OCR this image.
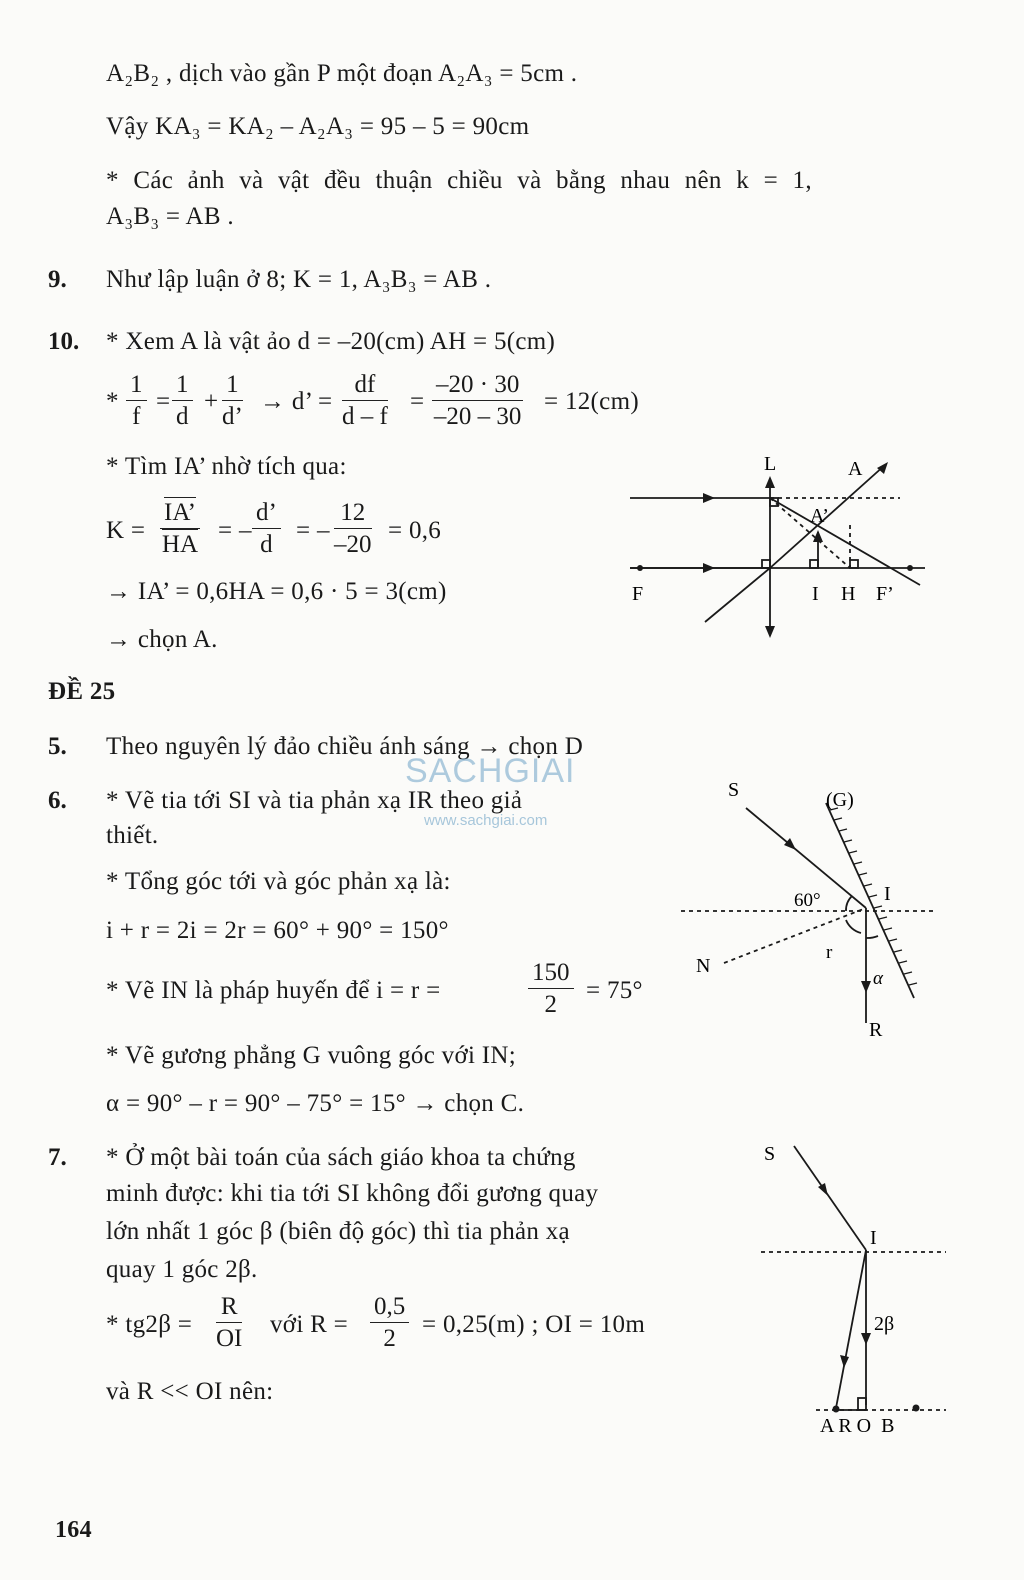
A₂B₂ , dịch vào gần P một đoạn A₂A₃ = 5cm .
Vậy KA₃ = KA₂ – A₂A₃ = 95 – 5 = 90cm
* Các ảnh và vật đều thuận chiều và bằng nhau nên k = 1,
A₃B₃ = AB .
9. Như lập luận ở 8; K = 1, A₃B₃ = AB .
10. * Xem A là vật ảo d = –20(cm) AH = 5(cm)
* $\frac{1}{f} = \frac{1}{d} + \frac{1}{d’} \to d$’ = $\frac{df}{d - f} = \frac{-20 \cdot 30}{-20 - 30} = 12(cm)$
* Tìm IA’ nhờ tích qua:
$K = \frac{IA’}{HA}$ = – $\frac{d’}{d}$ = – $\frac{12}{-20} = 0,6$
→ IA’ = 0,6HA = 0,6 · 5 = 3(cm)
→ chọn A.
L	A
A’
F	I H F’
ĐỀ 25
5. Theo nguyên lý đảo chiều ánh sáng → chọn D
SACHGIAI
www.sachgiai.com
6. * Vẽ tia tới SI và tia phản xạ IR theo giả
thiết.
* Tổng góc tới và góc phản xạ là:
i + r = 2i = 2r = 60° + 90° = 150°
* Vẽ IN là pháp huyến để i = r =	$\frac{150}{2} = 75^\circ$
* Vẽ gương phẳng G vuông góc với IN;
α = 90° – r = 90° – 75° = 15° → chọn C.
S	(G)
60°	I
N
r
α
R
7. * Ở một bài toán của sách giáo khoa ta chứng
minh được: khi tia tới SI không đổi gương quay
lớn nhất 1 góc β (biên độ góc) thì tia phản xạ
quay 1 góc 2β.
* $tg2\beta = \frac{R}{OI}$ với $R = \frac{0,5}{2} = 0,25(m)$ ; OI = 10m
và R << OI nên:
S
I
2β
A R O  B
164
